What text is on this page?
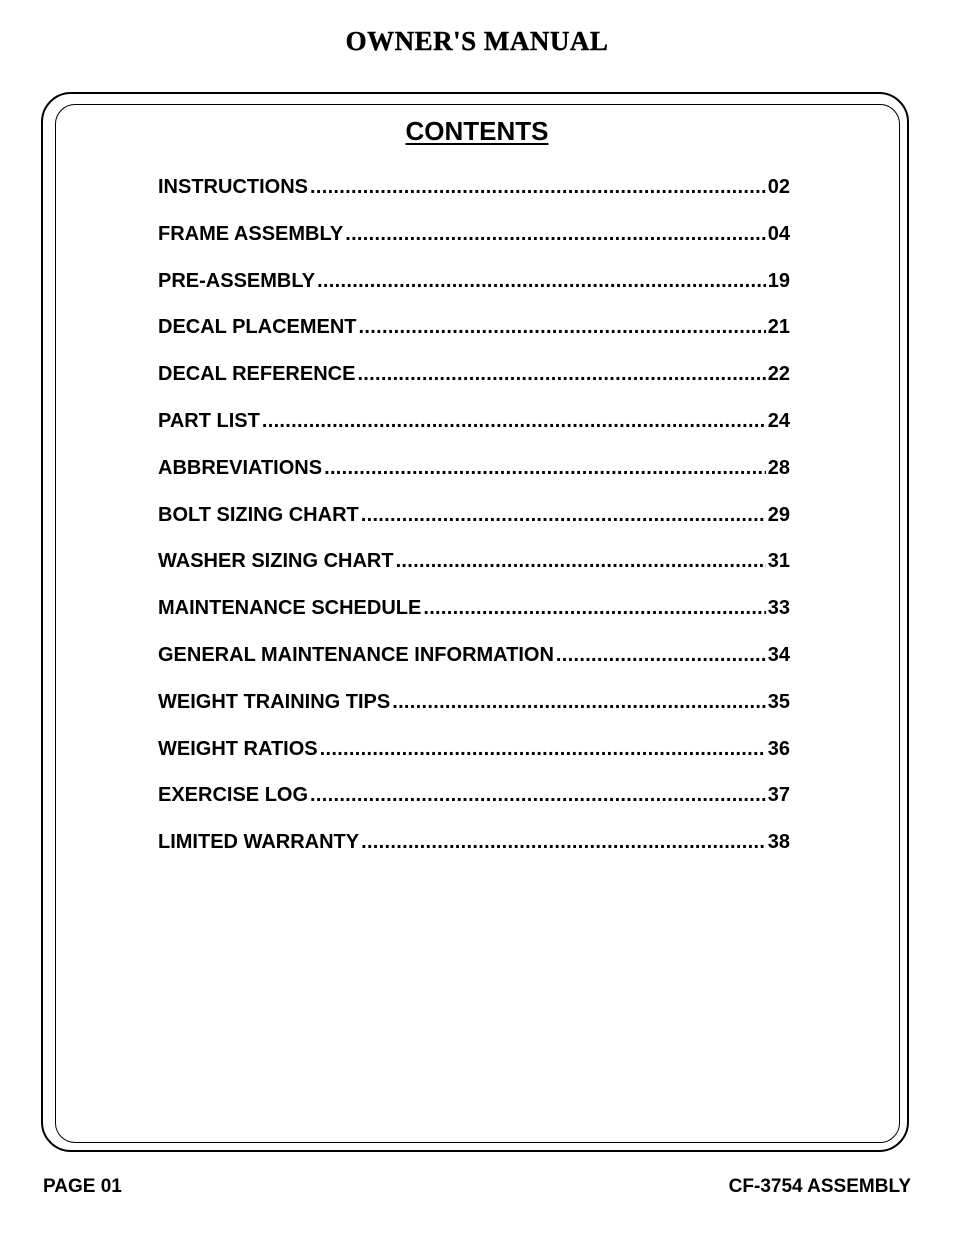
OWNER'S MANUAL
CONTENTS
INSTRUCTIONS .....	02
FRAME ASSEMBLY .....	04
PRE-ASSEMBLY .....	19
DECAL PLACEMENT .....	21
DECAL REFERENCE .....	22
PART LIST .....	24
ABBREVIATIONS .....	28
BOLT SIZING CHART .....	29
WASHER SIZING CHART .....	31
MAINTENANCE SCHEDULE .....	33
GENERAL MAINTENANCE INFORMATION .....	34
WEIGHT TRAINING TIPS .....	35
WEIGHT RATIOS .....	36
EXERCISE LOG .....	37
LIMITED WARRANTY .....	38
PAGE 01	CF-3754 ASSEMBLY
